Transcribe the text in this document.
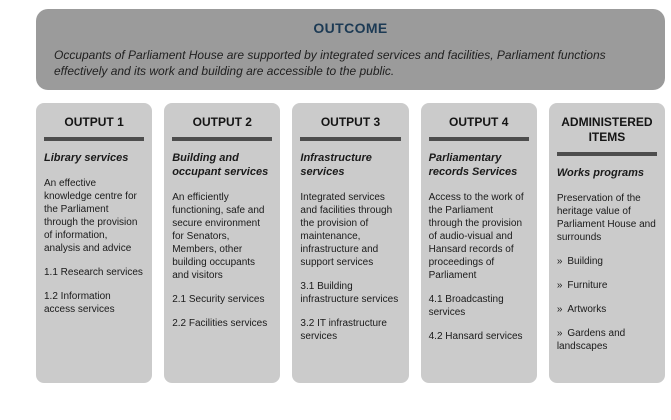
OUTCOME

Occupants of Parliament House are supported by integrated services and facilities, Parliament functions effectively and its work and building are accessible to the public.

OUTPUT 1

Library services

An effective knowledge centre for the Parliament through the provision of information, analysis and advice

1.1 Research services

1.2 Information access services

OUTPUT 2

Building and occupant services

An efficiently functioning, safe and secure environment for Senators, Members, other building occupants and visitors

2.1 Security services

2.2 Facilities services

OUTPUT 3

Infrastructure services

Integrated services and facilities through the provision of maintenance, infrastructure and support services

3.1 Building infrastructure services

3.2 IT infrastructure services

OUTPUT 4

Parliamentary records Services

Access to the work of the Parliament through the provision of audio-visual and Hansard records of proceedings of Parliament

4.1 Broadcasting services

4.2 Hansard services

ADMINISTERED ITEMS

Works programs

Preservation of the heritage value of Parliament House and surrounds

» Building

» Furniture

» Artworks

» Gardens and landscapes
